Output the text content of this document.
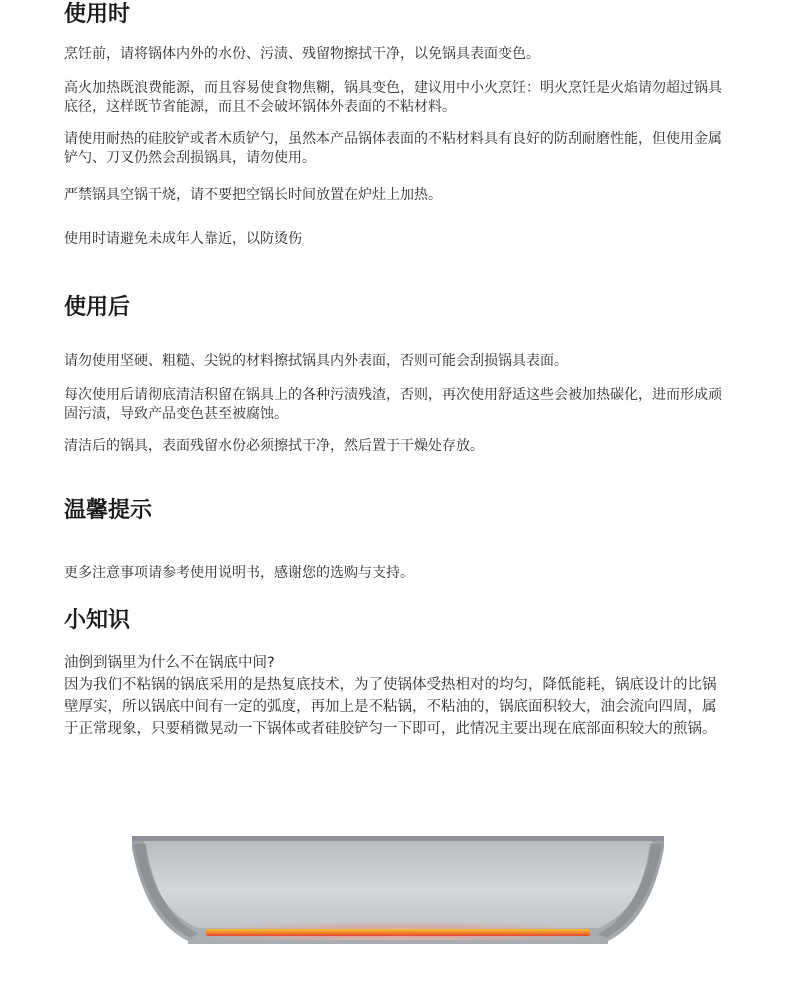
使用时

烹饪前，请将锅体内外的水份、污渍、残留物擦拭干净，以免锅具表面变色。

高火加热既浪费能源，而且容易使食物焦糊，锅具变色，建议用中小火烹饪：明火烹饪是火焰请勿超过锅具底径，这样既节省能源，而且不会破坏锅体外表面的不粘材料。

请使用耐热的硅胶铲或者木质铲勺，虽然本产品锅体表面的不粘材料具有良好的防刮耐磨性能，但使用金属铲勺、刀叉仍然会刮损锅具，请勿使用。

严禁锅具空锅干烧，请不要把空锅长时间放置在炉灶上加热。

使用时请避免未成年人靠近，以防烫伤

使用后

请勿使用坚硬、粗糙、尖锐的材料擦拭锅具内外表面，否则可能会刮损锅具表面。

每次使用后请彻底清洁积留在锅具上的各种污渍残渣，否则，再次使用舒适这些会被加热碳化，进而形成顽固污渍，导致产品变色甚至被腐蚀。

清洁后的锅具，表面残留水份必须擦拭干净，然后置于干燥处存放。

温馨提示

更多注意事项请参考使用说明书，感谢您的选购与支持。

小知识
油倒到锅里为什么不在锅底中间?
因为我们不粘锅的锅底采用的是热复底技术，为了使锅体受热相对的均匀，降低能耗，锅底设计的比锅壁厚实，所以锅底中间有一定的弧度，再加上是不粘锅，不粘油的，锅底面积较大，油会流向四周，属于正常现象，只要稍微晃动一下锅体或者硅胶铲匀一下即可，此情况主要出现在底部面积较大的煎锅。
